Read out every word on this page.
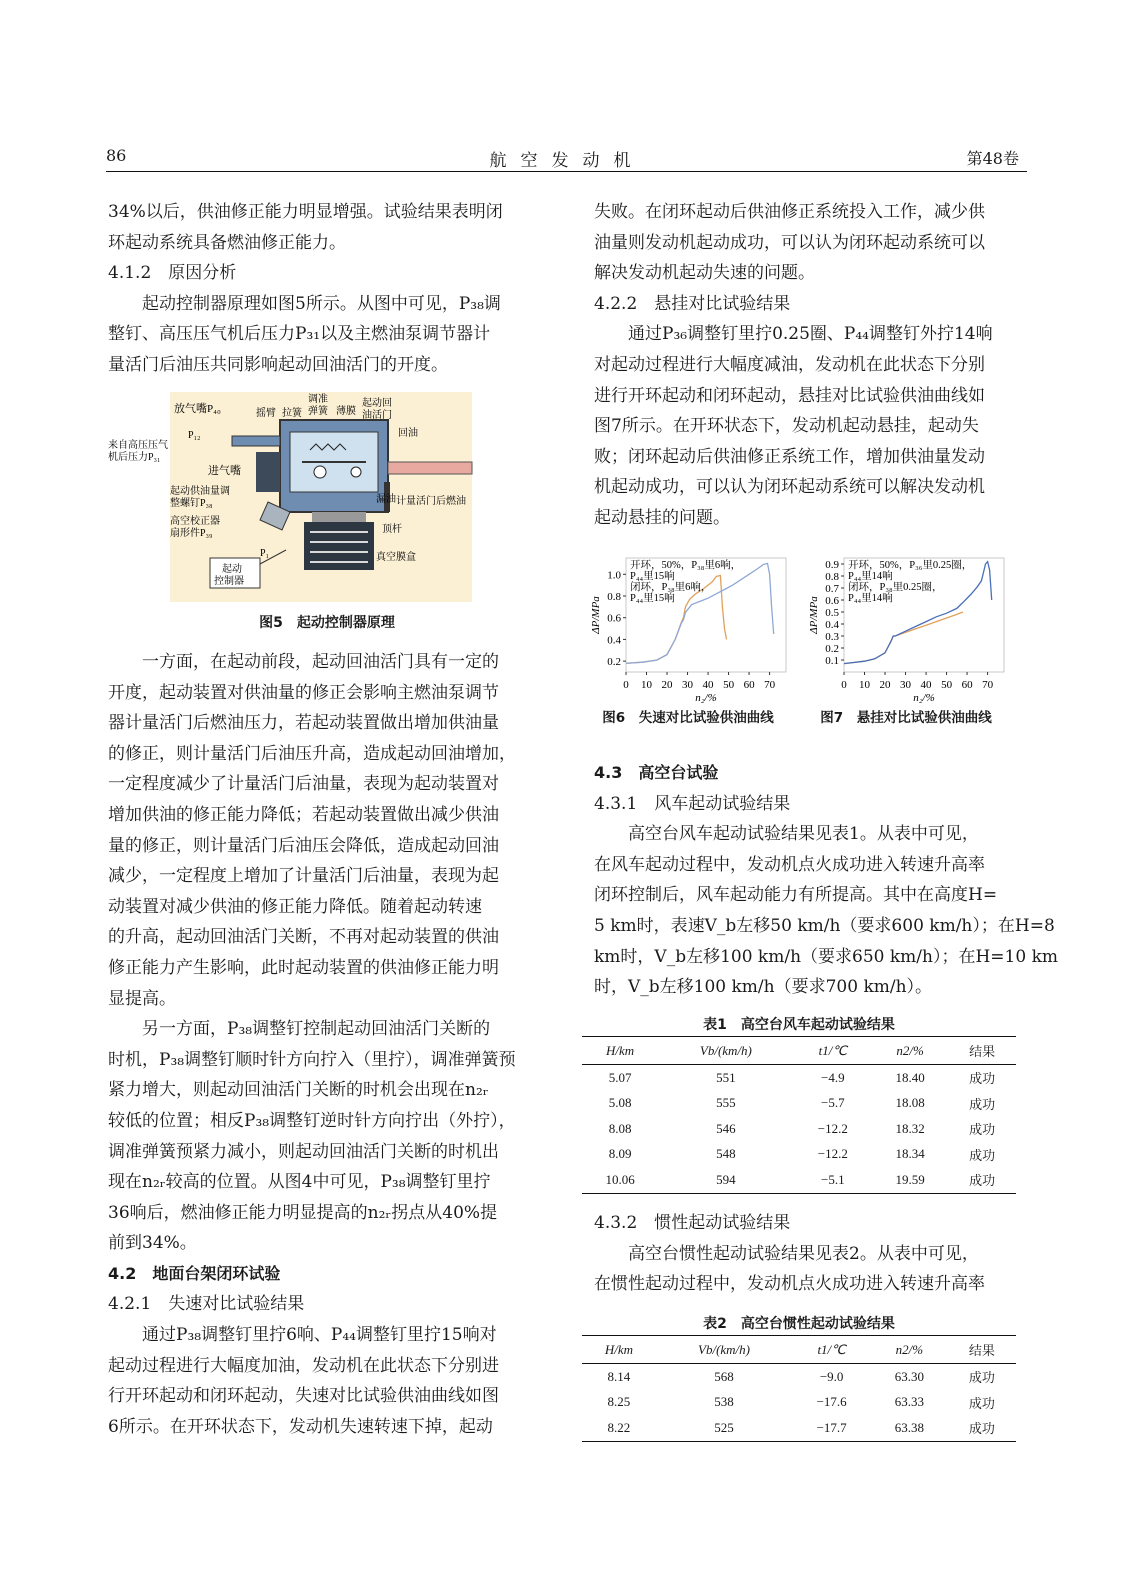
86	航空发动机	第48卷
34%以后，供油修正能力明显增强。试验结果表明闭
环起动系统具备燃油修正能力。
4.1.2　原因分析
起动控制器原理如图5所示。从图中可见，P₃₈调
整钉、高压压气机后压力P₃₁以及主燃油泵调节器计
量活门后油压共同影响起动回油活门的开度。
放气嘴P₄₀
P₁₂
来自高压压气
机后压力P₃₁
进气嘴
起动供油量调
整螺钉P₃₈
高空校正器
扇形件P₃₉
P₁
起动
控制器
摇臂 拉簧
调准
弹簧 薄膜
起动回
油活门
回油
漏油 计量活门后燃油
顶杆
真空膜盒
图5　起动控制器原理
一方面，在起动前段，起动回油活门具有一定的
开度，起动装置对供油量的修正会影响主燃油泵调节
器计量活门后燃油压力，若起动装置做出增加供油量
的修正，则计量活门后油压升高，造成起动回油增加，
一定程度减少了计量活门后油量，表现为起动装置对
增加供油的修正能力降低；若起动装置做出减少供油
量的修正，则计量活门后油压会降低，造成起动回油
减少，一定程度上增加了计量活门后油量，表现为起
动装置对减少供油的修正能力降低。随着起动转速
的升高，起动回油活门关断，不再对起动装置的供油
修正能力产生影响，此时起动装置的供油修正能力明
显提高。
另一方面，P₃₈调整钉控制起动回油活门关断的
时机，P₃₈调整钉顺时针方向拧入（里拧），调准弹簧预
紧力增大，则起动回油活门关断的时机会出现在n₂ᵣ
较低的位置；相反P₃₈调整钉逆时针方向拧出（外拧），
调准弹簧预紧力减小，则起动回油活门关断的时机出
现在n₂ᵣ较高的位置。从图4中可见，P₃₈调整钉里拧
36响后，燃油修正能力明显提高的n₂ᵣ拐点从40%提
前到34%。
4.2　地面台架闭环试验
4.2.1　失速对比试验结果
通过P₃₈调整钉里拧6响、P₄₄调整钉里拧15响对
起动过程进行大幅度加油，发动机在此状态下分别进
行开环起动和闭环起动，失速对比试验供油曲线如图
6所示。在开环状态下，发动机失速转速下掉，起动
失败。在闭环起动后供油修正系统投入工作，减少供
油量则发动机起动成功，可以认为闭环起动系统可以
解决发动机起动失速的问题。
4.2.2　悬挂对比试验结果
通过P₃₆调整钉里拧0.25圈、P₄₄调整钉外拧14响
对起动过程进行大幅度减油，发动机在此状态下分别
进行开环起动和闭环起动，悬挂对比试验供油曲线如
图7所示。在开环状态下，发动机起动悬挂，起动失
败；闭环起动后供油修正系统工作，增加供油量发动
机起动成功，可以认为闭环起动系统可以解决发动机
起动悬挂的问题。
0.2
0.4
0.6
0.8
1.0
0 10 20 30 40 50 60 70
n₂/%
ΔP/MPa
开环，50%，P₃₈里6响，
P₄₄里15响
闭环，P₃₈里6响，
P₄₄里15响
0.1
0.2
0.3
0.4
0.5
0.6
0.7
0.8
0.9
0 10 20 30 40 50 60 70
n₂/%
ΔP/MPa
开环，50%，P₃₆里0.25圈，
P₄₄里14响
闭环，P₃₈里0.25圈，
P₄₄里14响
图6　失速对比试验供油曲线	图7　悬挂对比试验供油曲线
4.3　高空台试验
4.3.1　风车起动试验结果
高空台风车起动试验结果见表1。从表中可见，
在风车起动过程中，发动机点火成功进入转速升高率
闭环控制后，风车起动能力有所提高。其中在高度H=
5 km时，表速V_b左移50 km/h（要求600 km/h）；在H=8
km时，V_b左移100 km/h（要求650 km/h）；在H=10 km
时，V_b左移100 km/h（要求700 km/h）。
表1　高空台风车起动试验结果
H/km	Vb/(km/h)	t1/℃	n2/%	结果
5.07	551	−4.9	18.40	成功
5.08	555	−5.7	18.08	成功
8.08	546	−12.2	18.32	成功
8.09	548	−12.2	18.34	成功
10.06	594	−5.1	19.59	成功
4.3.2　惯性起动试验结果
高空台惯性起动试验结果见表2。从表中可见，
在惯性起动过程中，发动机点火成功进入转速升高率
表2　高空台惯性起动试验结果
H/km	Vb/(km/h)	t1/℃	n2/%	结果
8.14	568	−9.0	63.30	成功
8.25	538	−17.6	63.33	成功
8.22	525	−17.7	63.38	成功
